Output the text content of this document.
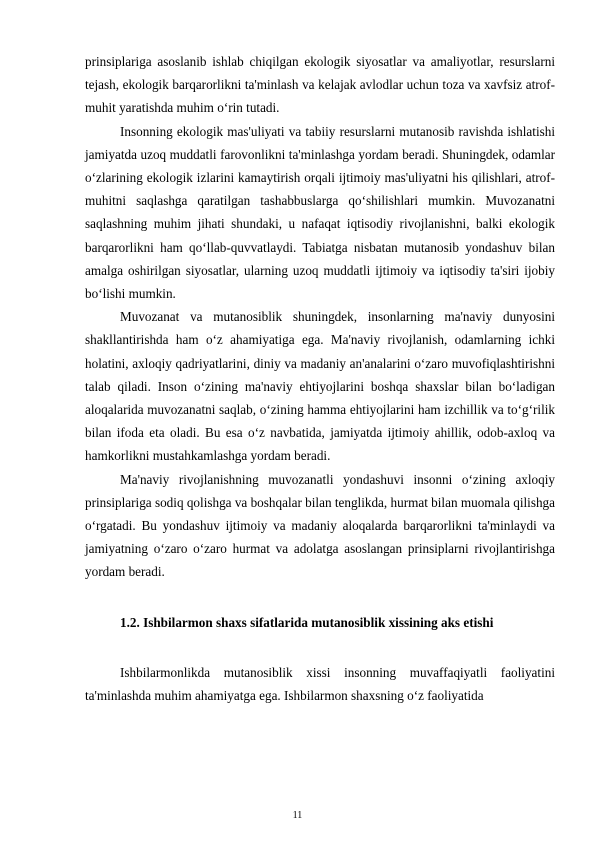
prinsiplariga asoslanib ishlab chiqilgan ekologik siyosatlar va amaliyotlar, resurslarni tejash, ekologik barqarorlikni ta'minlash va kelajak avlodlar uchun toza va xavfsiz atrof-muhit yaratishda muhim o‘rin tutadi.

Insonning ekologik mas'uliyati va tabiiy resurslarni mutanosib ravishda ishlatishi jamiyatda uzoq muddatli farovonlikni ta'minlashga yordam beradi. Shuningdek, odamlar o‘zlarining ekologik izlarini kamaytirish orqali ijtimoiy mas'uliyatni his qilishlari, atrof-muhitni saqlashga qaratilgan tashabbuslarga qo‘shilishlari mumkin. Muvozanatni saqlashning muhim jihati shundaki, u nafaqat iqtisodiy rivojlanishni, balki ekologik barqarorlikni ham qo‘llab-quvvatlaydi. Tabiatga nisbatan mutanosib yondashuv bilan amalga oshirilgan siyosatlar, ularning uzoq muddatli ijtimoiy va iqtisodiy ta'siri ijobiy bo‘lishi mumkin.

Muvozanat va mutanosiblik shuningdek, insonlarning ma'naviy dunyosini shakllantirishda ham o‘z ahamiyatiga ega. Ma'naviy rivojlanish, odamlarning ichki holatini, axloqiy qadriyatlarini, diniy va madaniy an'analarini o‘zaro muvofiqlashtirishni talab qiladi. Inson o‘zining ma'naviy ehtiyojlarini boshqa shaxslar bilan bo‘ladigan aloqalarida muvozanatni saqlab, o‘zining hamma ehtiyojlarini ham izchillik va to‘g‘rilik bilan ifoda eta oladi. Bu esa o‘z navbatida, jamiyatda ijtimoiy ahillik, odob-axloq va hamkorlikni mustahkamlashga yordam beradi.

Ma'naviy rivojlanishning muvozanatli yondashuvi insonni o‘zining axloqiy prinsiplariga sodiq qolishga va boshqalar bilan tenglikda, hurmat bilan muomala qilishga o‘rgatadi. Bu yondashuv ijtimoiy va madaniy aloqalarda barqarorlikni ta'minlaydi va jamiyatning o‘zaro o‘zaro hurmat va adolatga asoslangan prinsiplarni rivojlantirishga yordam beradi.

1.2. Ishbilarmon shaxs sifatlarida mutanosiblik xissining aks etishi

Ishbilarmonlikda mutanosiblik xissi insonning muvaffaqiyatli faoliyatini ta'minlashda muhim ahamiyatga ega. Ishbilarmon shaxsning o‘z faoliyatida

11
